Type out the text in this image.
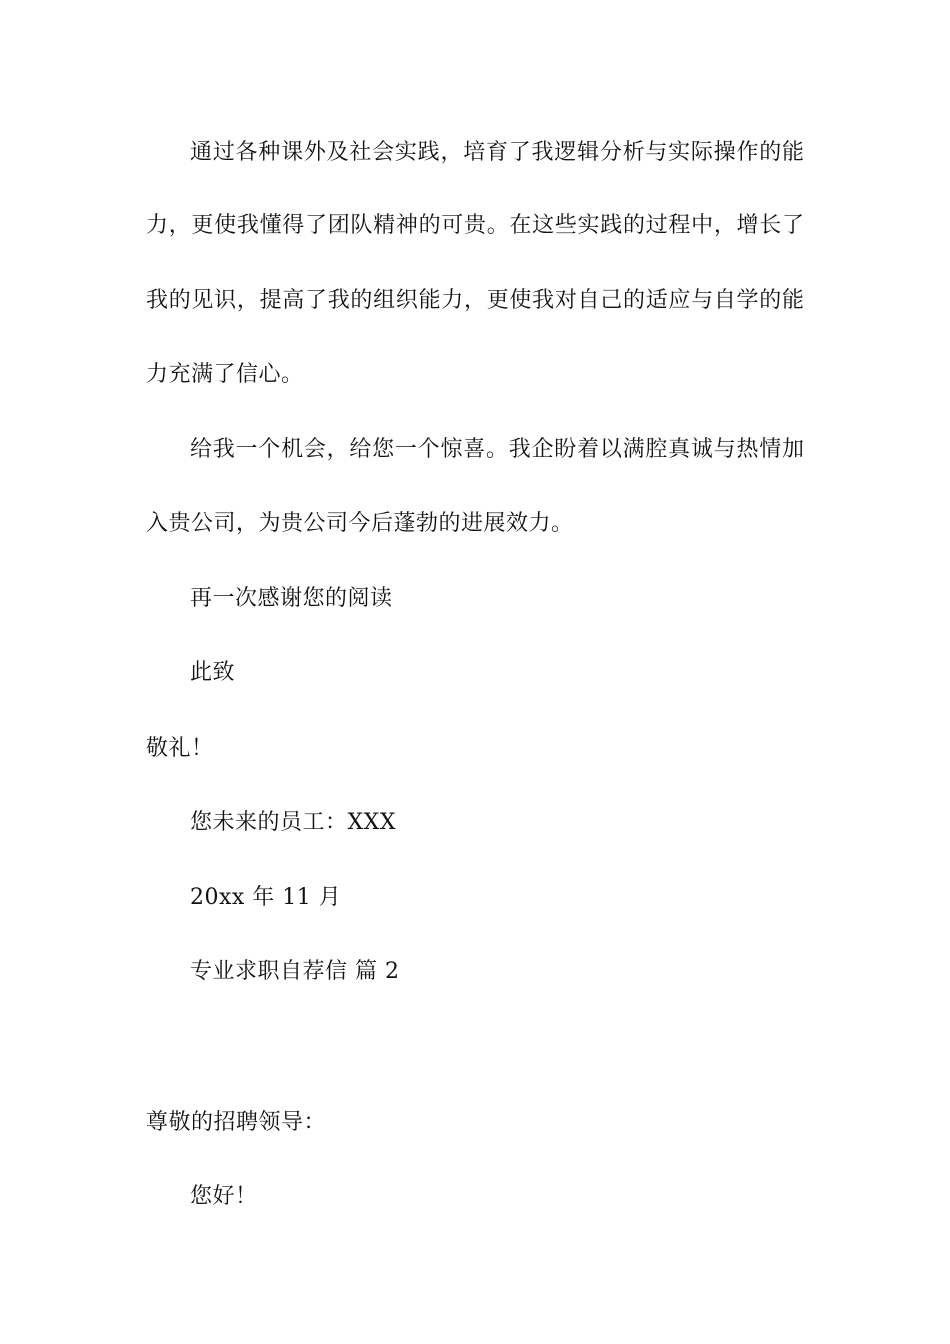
通过各种课外及社会实践，培育了我逻辑分析与实际操作的能
力，更使我懂得了团队精神的可贵。在这些实践的过程中，增长了
我的见识，提高了我的组织能力，更使我对自己的适应与自学的能
力充满了信心。
给我一个机会，给您一个惊喜。我企盼着以满腔真诚与热情加
入贵公司，为贵公司今后蓬勃的进展效力。
再一次感谢您的阅读
此致
敬礼！
您未来的员工：XXX
20xx 年 11 月
专业求职自荐信 篇 2
尊敬的招聘领导：
您好！
